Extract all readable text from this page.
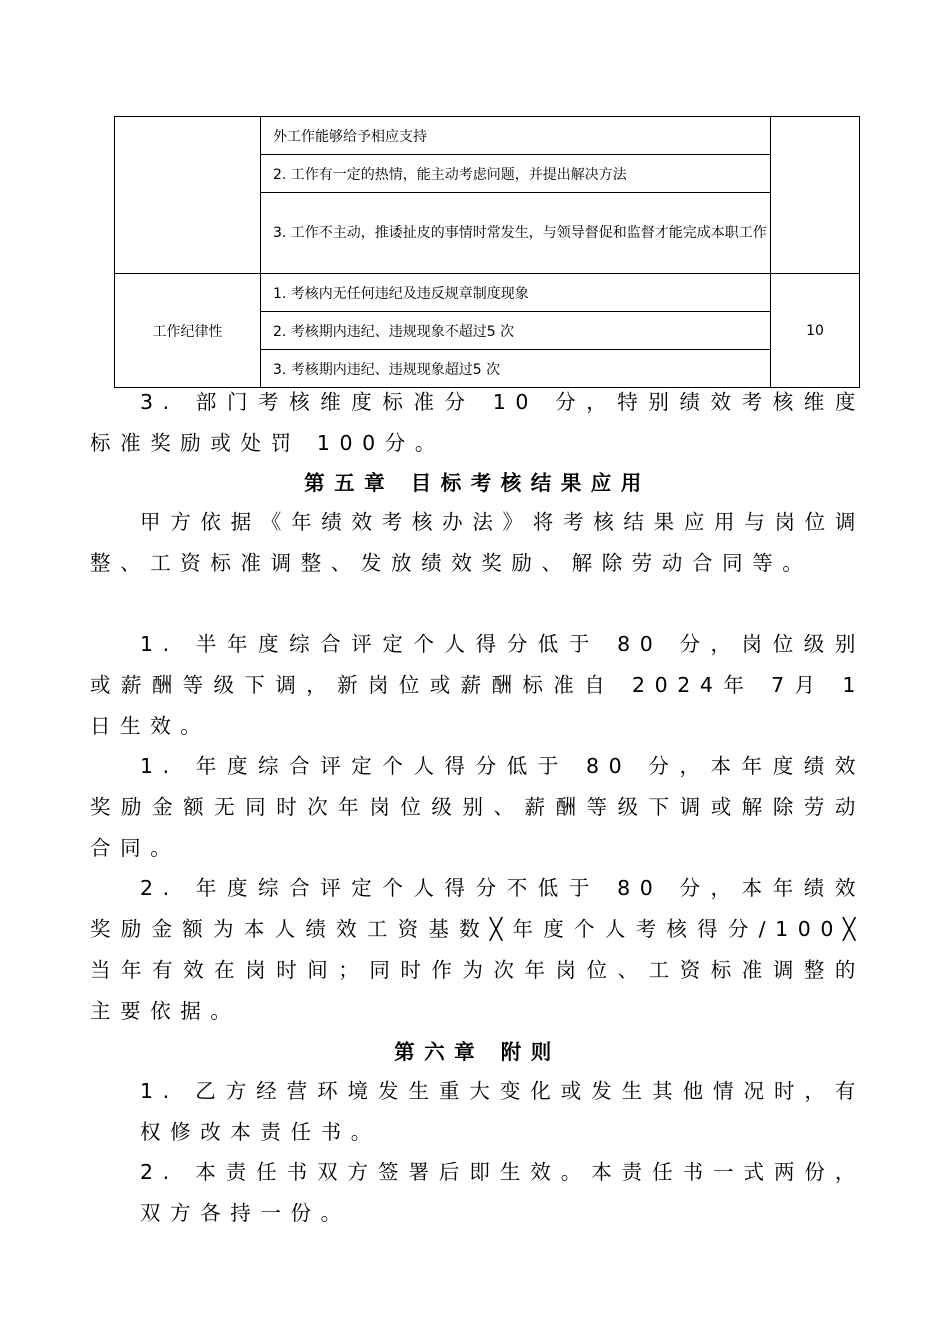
	外工作能够给予相应支持	

	2. 工作有一定的热情，能主动考虑问题，并提出解决方法	

	3. 工作不主动，推诿扯皮的事情时常发生，与领导督促和监督才能完成本职工作	

工作纪律性	1. 考核内无任何违纪及违反规章制度现象	10

	2. 考核期内违纪、违规现象不超过5 次	

	3. 考核期内违纪、违规现象超过5 次	

3. 部门考核维度标准分 10 分，特别绩效考核维度标准奖励或处罚 100分。

第五章 目标考核结果应用

甲方依据《年绩效考核办法》将考核结果应用与岗位调整、工资标准调整、发放绩效奖励、解除劳动合同等。

1. 半年度综合评定个人得分低于 80 分，岗位级别或薪酬等级下调，新岗位或薪酬标准自 2024年 7月 1日生效。

1. 年度综合评定个人得分低于 80 分，本年度绩效奖励金额无同时次年岗位级别、薪酬等级下调或解除劳动合同。

2. 年度综合评定个人得分不低于 80 分，本年绩效奖励金额为本人绩效工资基数╳年度个人考核得分/100╳当年有效在岗时间；同时作为次年岗位、工资标准调整的主要依据。

第六章 附则

1. 乙方经营环境发生重大变化或发生其他情况时，有权修改本责任书。

2. 本责任书双方签署后即生效。本责任书一式两份，双方各持一份。
